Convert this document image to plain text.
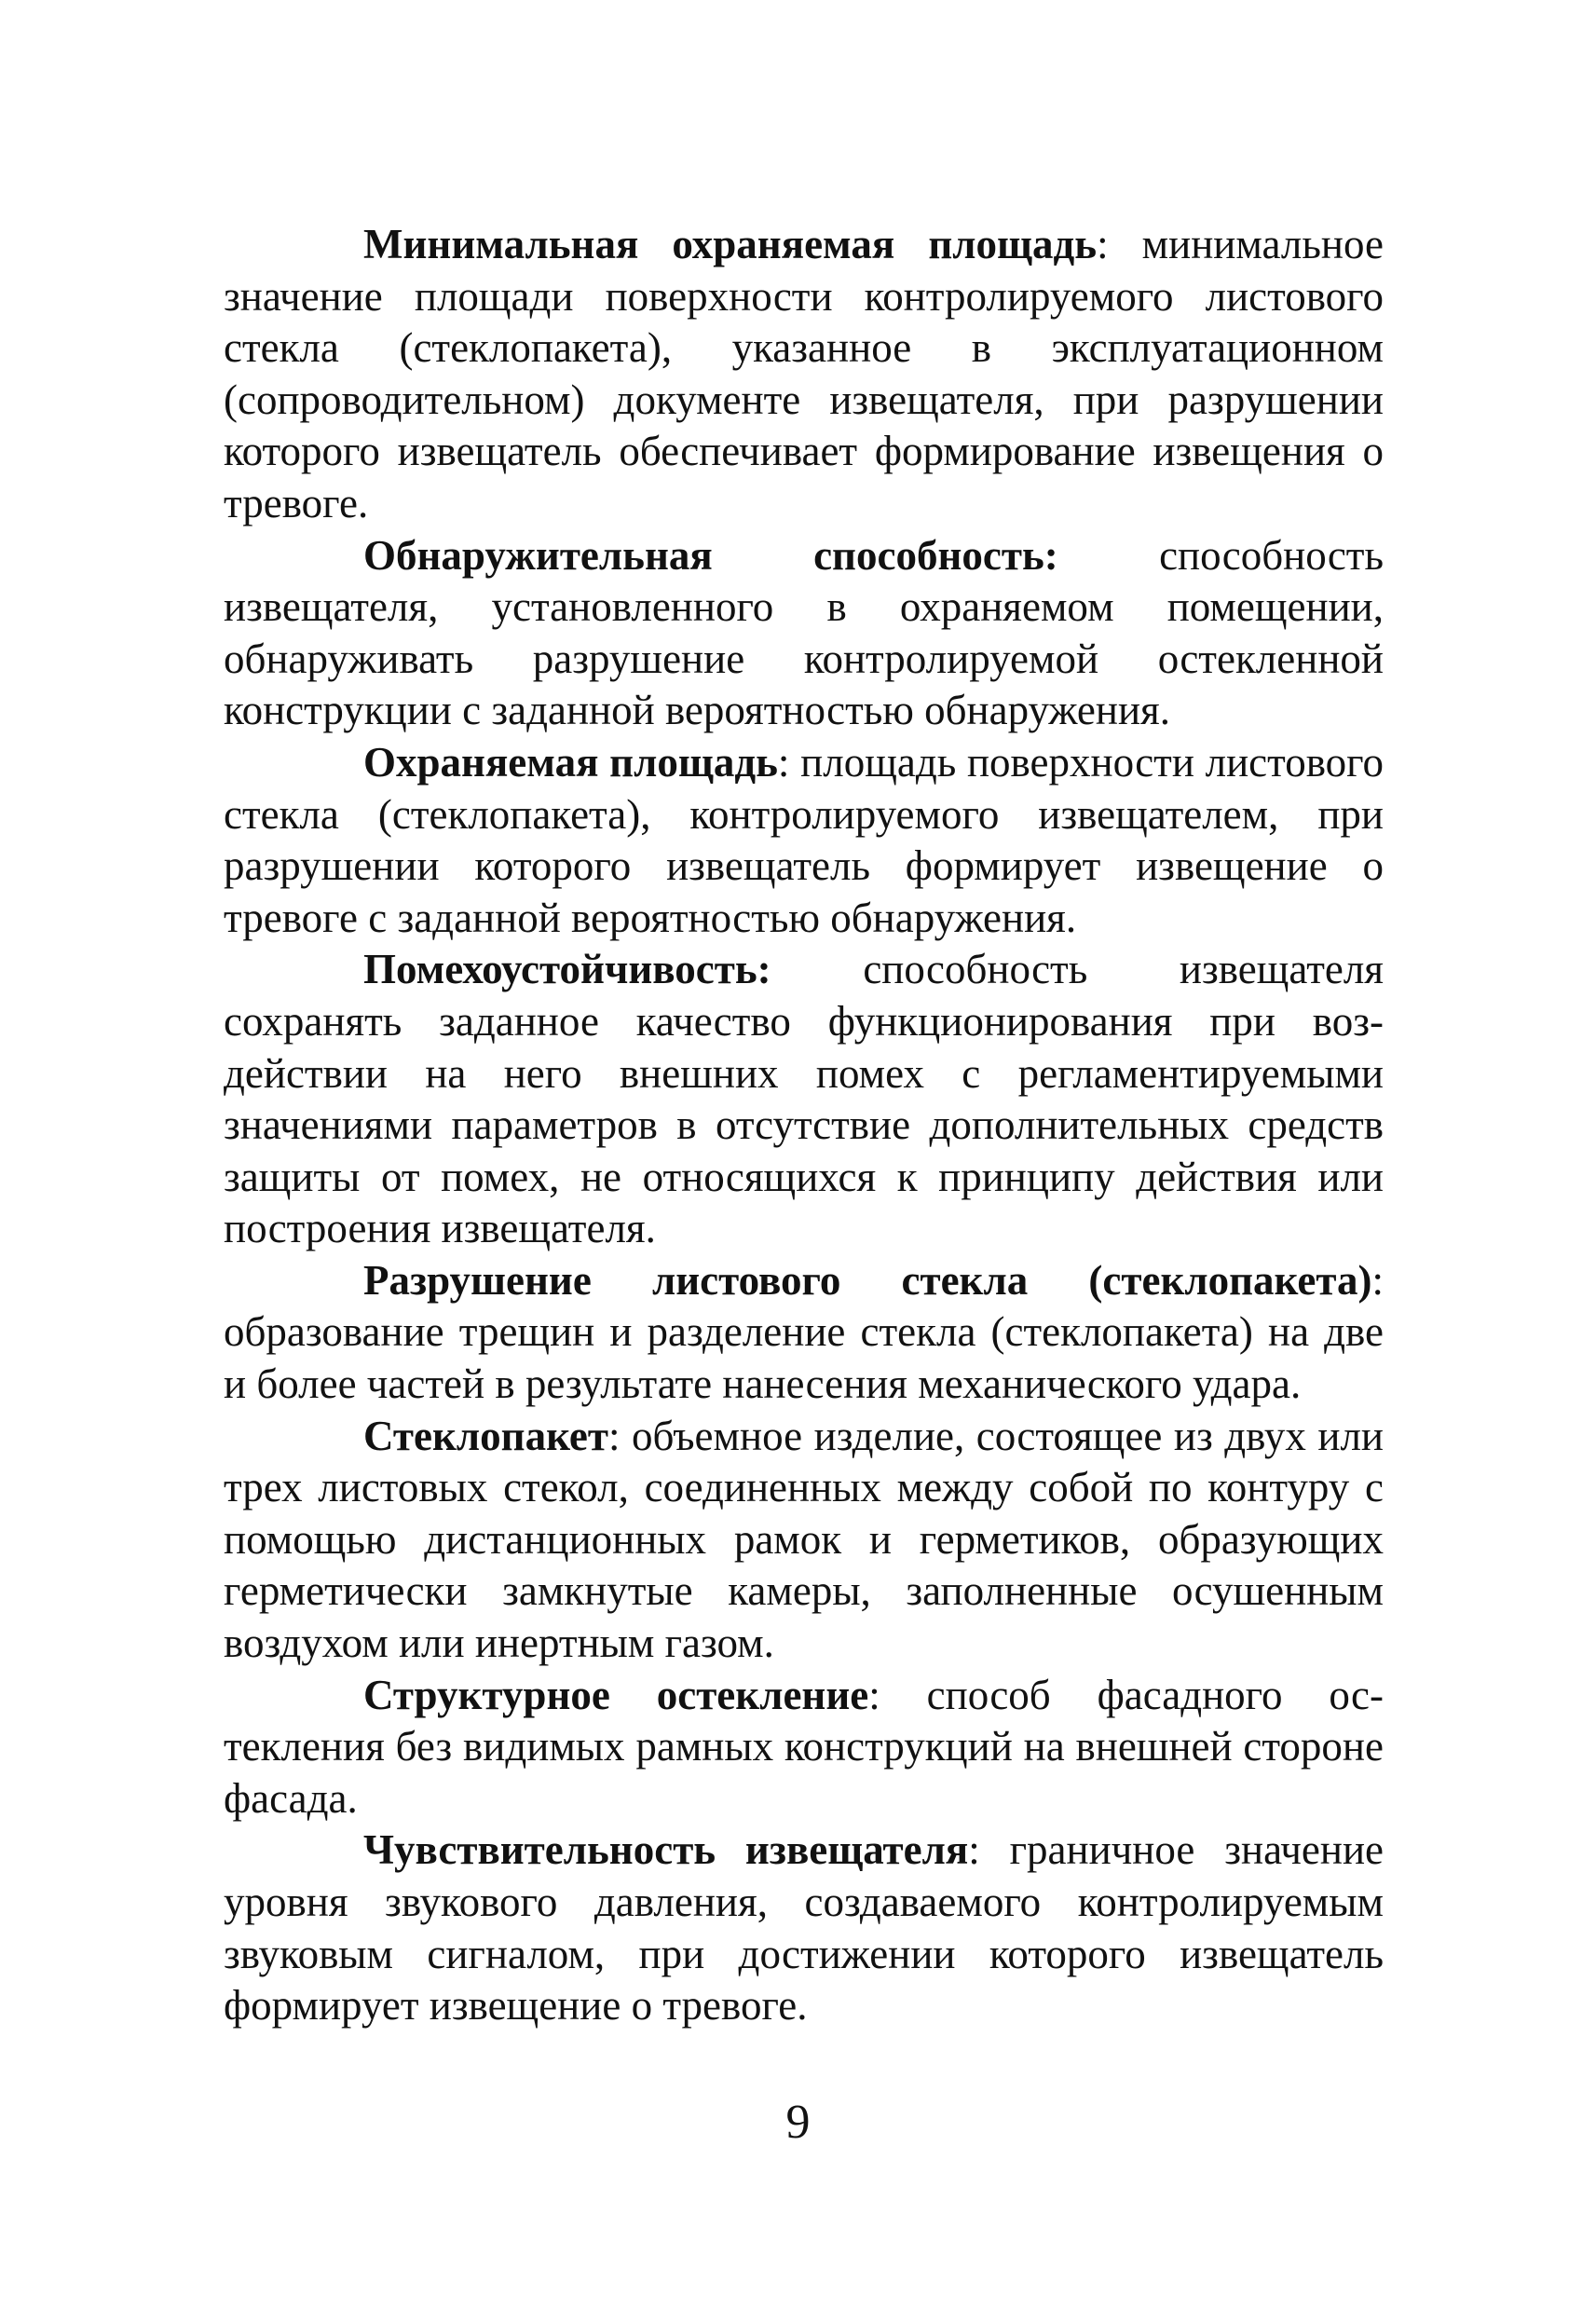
Минимальная охраняемая площадь: минимальное значение площади поверхности контролируемого листового стекла (стеклопакета), указанное в эксплуатационном (сопроводительном) документе извещателя, при разрушении которого извещатель обеспечивает формирование извещения о тревоге.

Обнаружительная способность: способность извещателя, установленного в охраняемом помещении, обнаруживать разрушение контролируемой остекленной конструкции с заданной вероятностью обнаружения.

Охраняемая площадь: площадь поверхности листового стекла (стеклопакета), контролируемого извещателем, при разрушении которого извещатель формирует извещение о тревоге с заданной вероятностью обнаружения.

Помехоустойчивость: способность извещателя сохранять заданное качество функционирования при воздействии на него внешних помех с регламентируемыми значениями параметров в отсутствие дополнительных средств защиты от помех, не относящихся к принципу действия или построения извещателя.

Разрушение листового стекла (стеклопакета): образование трещин и разделение стекла (стеклопакета) на две и более частей в результате нанесения механического удара.

Стеклопакет: объемное изделие, состоящее из двух или трех листовых стекол, соединенных между собой по контуру с помощью дистанционных рамок и герметиков, образующих герметически замкнутые камеры, заполненные осушенным воздухом или инертным газом.

Структурное остекление: способ фасадного остекления без видимых рамных конструкций на внешней стороне фасада.

Чувствительность извещателя: граничное значение уровня звукового давления, создаваемого контролируемым звуковым сигналом, при достижении которого извещатель формирует извещение о тревоге.

9
